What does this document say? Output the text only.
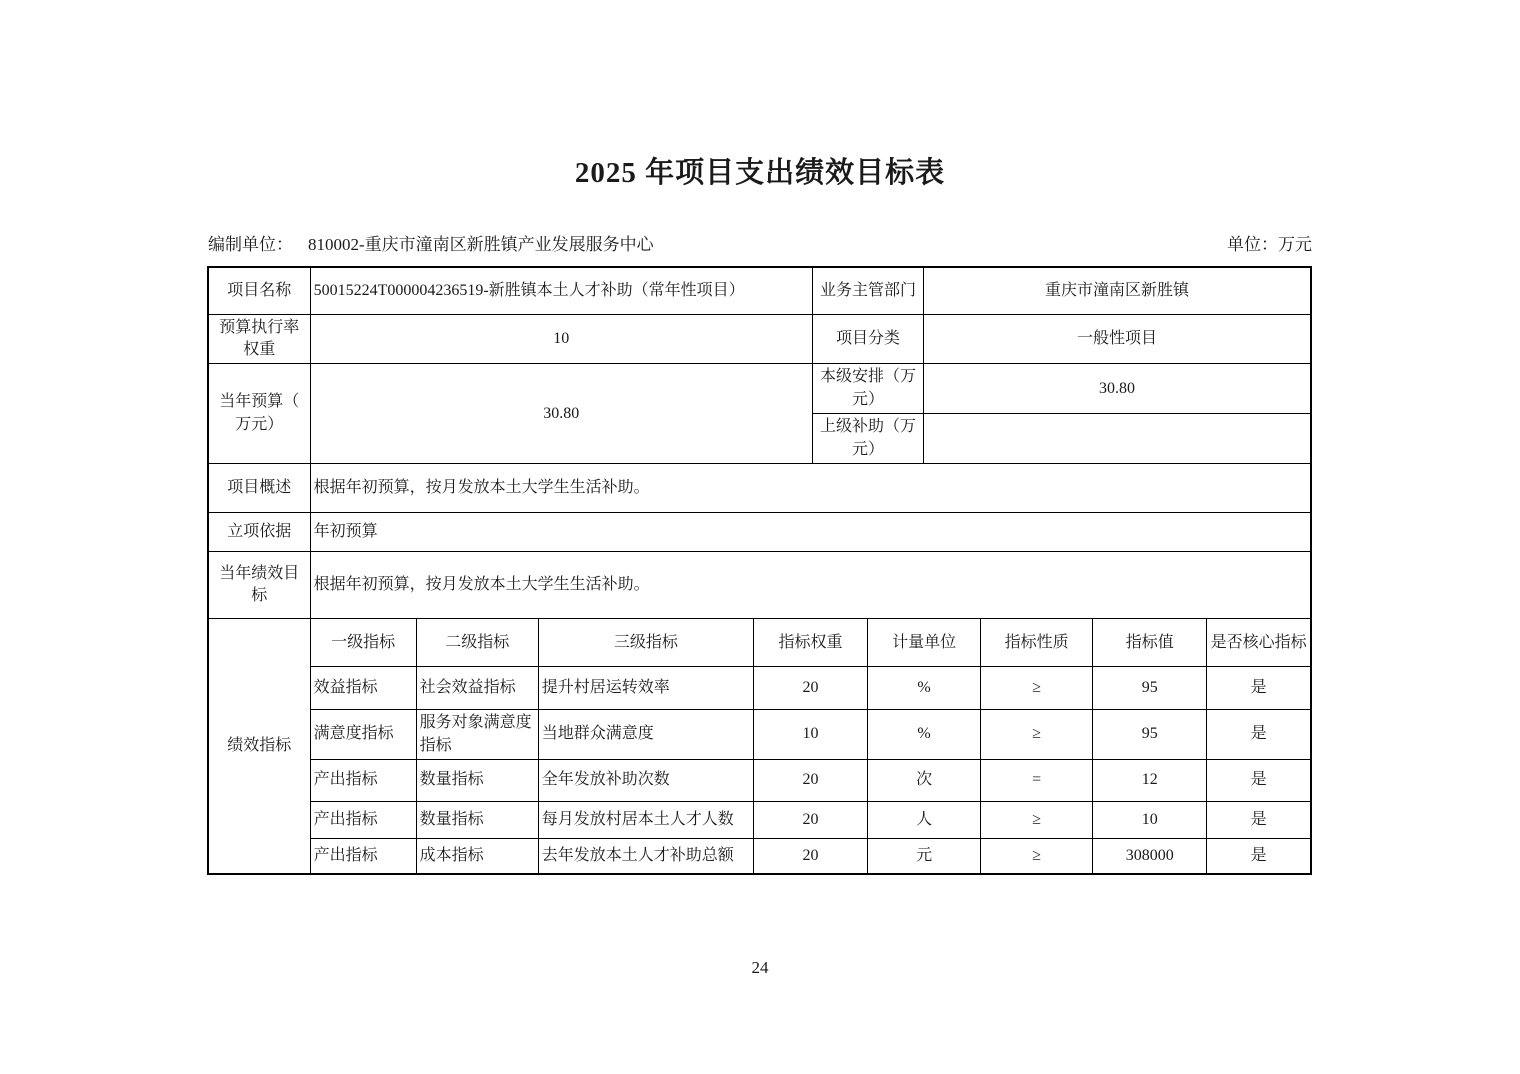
2025 年项目支出绩效目标表
编制单位： 810002-重庆市潼南区新胜镇产业发展服务中心	单位：万元
项目名称	50015224T000004236519-新胜镇本土人才补助（常年性项目）				业务主管部门		重庆市潼南区新胜镇			
预算执行率权重	10				项目分类		一般性项目			
当年预算（万元）	30.80				本级安排（万元）		30.80			
					上级补助（万元）					
项目概述	根据年初预算，按月发放本土大学生生活补助。									
立项依据	年初预算									
当年绩效目标	根据年初预算，按月发放本土大学生生活补助。									
绩效指标	一级指标	二级指标	三级指标	指标权重		计量单位		指标性质	指标值	是否核心指标
	效益指标	社会效益指标	提升村居运转效率	20		%		≥	95	是
	满意度指标	服务对象满意度指标	当地群众满意度	10		%		≥	95	是
	产出指标	数量指标	全年发放补助次数	20		次		=	12	是
	产出指标	数量指标	每月发放村居本土人才人数	20		人		≥	10	是
	产出指标	成本指标	去年发放本土人才补助总额	20		元		≥	308000	是
24
